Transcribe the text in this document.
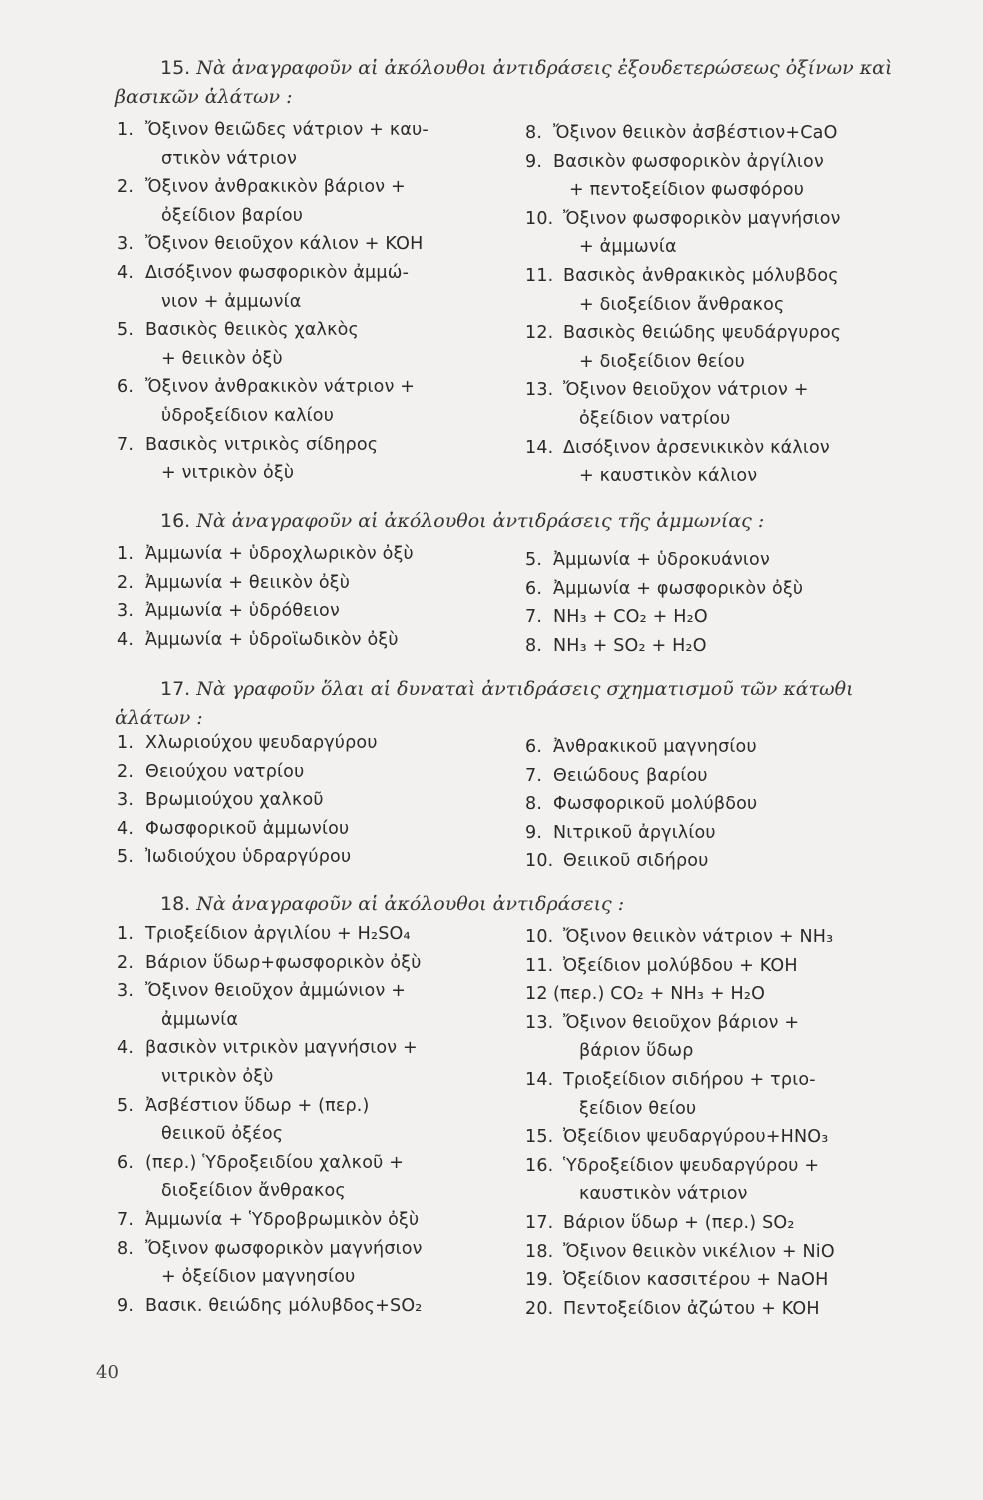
15. Νὰ ἀναγραφοῦν αἱ ἀκόλουθοι ἀντιδράσεις ἐξουδετερώσεως ὀξίνων καὶ βασικῶν ἁλάτων :
1. Ὄξινον θειῶδες νάτριον + καυ-
στικὸν νάτριον
2. Ὄξινον ἀνθρακικὸν βάριον +
ὀξείδιον βαρίου
3. Ὄξινον θειοῦχον κάλιον + KOH
4. Δισόξινον φωσφορικὸν ἀμμώ-
νιον + ἀμμωνία
5. Βασικὸς θειικὸς χαλκὸς
+ θειικὸν ὀξὺ
6. Ὄξινον ἀνθρακικὸν νάτριον +
ὑδροξείδιον καλίου
7. Βασικὸς νιτρικὸς σίδηρος
+ νιτρικὸν ὀξὺ
8. Ὄξινον θειικὸν ἀσβέστιον+CaO
9. Βασικὸν φωσφορικὸν ἀργίλιον
+ πεντοξείδιον φωσφόρου
10. Ὄξινον φωσφορικὸν μαγνήσιον
+ ἀμμωνία
11. Βασικὸς ἀνθρακικὸς μόλυβδος
+ διοξείδιον ἄνθρακος
12. Βασικὸς θειώδης ψευδάργυρος
+ διοξείδιον θείου
13. Ὄξινον θειοῦχον νάτριον +
ὀξείδιον νατρίου
14. Δισόξινον ἀρσενικικὸν κάλιον
+ καυστικὸν κάλιον
16. Νὰ ἀναγραφοῦν αἱ ἀκόλουθοι ἀντιδράσεις τῆς ἀμμωνίας :
1. Ἀμμωνία + ὑδροχλωρικὸν ὀξὺ
2. Ἀμμωνία + θειικὸν ὀξὺ
3. Ἀμμωνία + ὑδρόθειον
4. Ἀμμωνία + ὑδροϊωδικὸν ὀξὺ
5. Ἀμμωνία + ὑδροκυάνιον
6. Ἀμμωνία + φωσφορικὸν ὀξὺ
7. NH₃ + CO₂ + H₂O
8. NH₃ + SO₂ + H₂O
17. Νὰ γραφοῦν ὅλαι αἱ δυναταὶ ἀντιδράσεις σχηματισμοῦ τῶν κάτωθι ἁλάτων :
1. Χλωριούχου ψευδαργύρου
2. Θειούχου νατρίου
3. Βρωμιούχου χαλκοῦ
4. Φωσφορικοῦ ἀμμωνίου
5. Ἰωδιούχου ὑδραργύρου
6. Ἀνθρακικοῦ μαγνησίου
7. Θειώδους βαρίου
8. Φωσφορικοῦ μολύβδου
9. Νιτρικοῦ ἀργιλίου
10. Θειικοῦ σιδήρου
18. Νὰ ἀναγραφοῦν αἱ ἀκόλουθοι ἀντιδράσεις :
1. Τριοξείδιον ἀργιλίου + H₂SO₄
2. Βάριον ὕδωρ+φωσφορικὸν ὀξὺ
3. Ὄξινον θειοῦχον ἀμμώνιον +
ἀμμωνία
4. βασικὸν νιτρικὸν μαγνήσιον +
νιτρικὸν ὀξὺ
5. Ἀσβέστιον ὕδωρ + (περ.)
θειικοῦ ὀξέος
6. (περ.) Ὑδροξειδίου χαλκοῦ +
διοξείδιον ἄνθρακος
7. Ἀμμωνία + Ὑδροβρωμικὸν ὀξὺ
8. Ὄξινον φωσφορικὸν μαγνήσιον
+ ὀξείδιον μαγνησίου
9. Βασικ. θειώδης μόλυβδος+SO₂
10. Ὄξινον θειικὸν νάτριον + NH₃
11. Ὀξείδιον μολύβδου + KOH
12 (περ.) CO₂ + NH₃ + H₂O
13. Ὄξινον θειοῦχον βάριον +
βάριον ὕδωρ
14. Τριοξείδιον σιδήρου + τριο-
ξείδιον θείου
15. Ὀξείδιον ψευδαργύρου+HNO₃
16. Ὑδροξείδιον ψευδαργύρου +
καυστικὸν νάτριον
17. Βάριον ὕδωρ + (περ.) SO₂
18. Ὄξινον θειικὸν νικέλιον + NiO
19. Ὀξείδιον κασσιτέρου + NaOH
20. Πεντοξείδιον ἀζώτου + KOH
40
